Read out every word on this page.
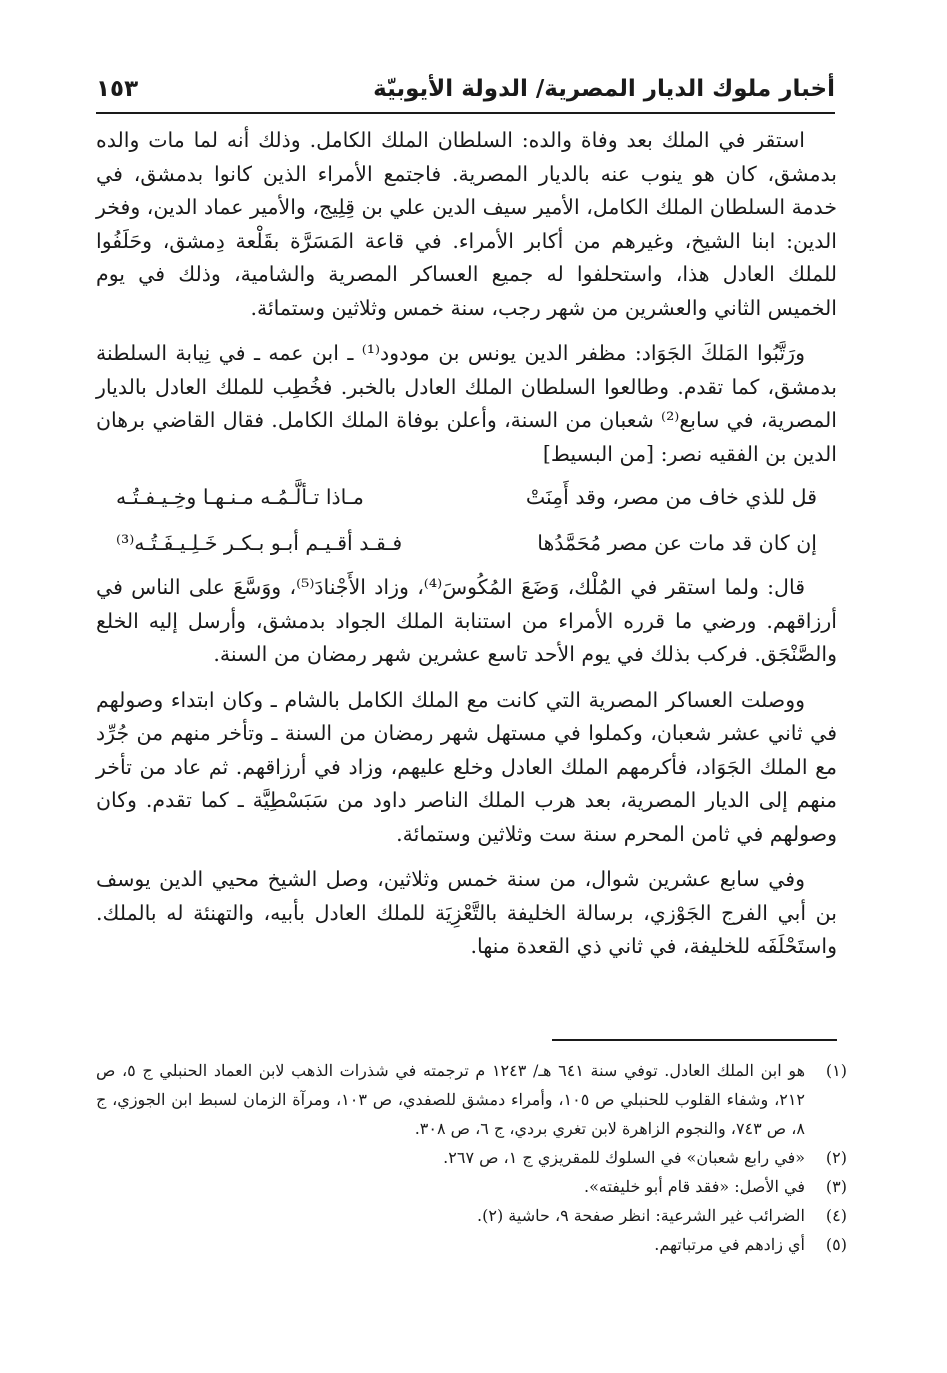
أخبار ملوك الديار المصرية/ الدولة الأيوبيّة
١٥٣

استقر في الملك بعد وفاة والده: السلطان الملك الكامل. وذلك أنه لما مات والده بدمشق، كان هو ينوب عنه بالديار المصرية. فاجتمع الأمراء الذين كانوا بدمشق، في خدمة السلطان الملك الكامل، الأمير سيف الدين علي بن قِلِيج، والأمير عماد الدين، وفخر الدين: ابنا الشيخ، وغيرهم من أكابر الأمراء. في قاعة المَسَرَّة بقَلْعة دِمشق، وحَلَفُوا للملك العادل هذا، واستحلفوا له جميع العساكر المصرية والشامية، وذلك في يوم الخميس الثاني والعشرين من شهر رجب، سنة خمس وثلاثين وستمائة.

ورَتَّبُوا المَلكَ الجَوَاد: مظفر الدين يونس بن مودود⁽¹⁾ ـ ابن عمه ـ في نِيابة السلطنة بدمشق، كما تقدم. وطالعوا السلطان الملك العادل بالخبر. فخُطِب للملك العادل بالديار المصرية، في سابع⁽²⁾ شعبان من السنة، وأعلن بوفاة الملك الكامل. فقال القاضي برهان الدين بن الفقيه نصر: [من البسيط]

قل للذي خاف من مصر، وقد أَمِنَتْ
مـاذا تـألَّـمُـه مـنـهـا وخِـيـفـتُـه
إن كان قد مات عن مصر مُحَمَّدُها
فـقـد أقـيـم أبـو بـكـر خَـلِـيـفَـتُـه⁽³⁾

قال: ولما استقر في المُلْك، وَضَعَ المُكُوسَ⁽⁴⁾، وزاد الأَجْنادَ⁽⁵⁾، ووَسَّعَ على الناس في أرزاقهم. ورضي ما قرره الأمراء من استنابة الملك الجواد بدمشق، وأرسل إليه الخلع والصَّنْجَق. فركب بذلك في يوم الأحد تاسع عشرين شهر رمضان من السنة.

ووصلت العساكر المصرية التي كانت مع الملك الكامل بالشام ـ وكان ابتداء وصولهم في ثاني عشر شعبان، وكملوا في مستهل شهر رمضان من السنة ـ وتأخر منهم من جُرِّد مع الملك الجَوَاد، فأكرمهم الملك العادل وخلع عليهم، وزاد في أرزاقهم. ثم عاد من تأخر منهم إلى الديار المصرية، بعد هرب الملك الناصر داود من سَبَسْطِيَّة ـ كما تقدم. وكان وصولهم في ثامن المحرم سنة ست وثلاثين وستمائة.

وفي سابع عشرين شوال، من سنة خمس وثلاثين، وصل الشيخ محيي الدين يوسف بن أبي الفرج الجَوْزي، برسالة الخليفة بالتَّعْزِيَة للملك العادل بأبيه، والتهنئة له بالملك. واستَحْلَفَه للخليفة، في ثاني ذي القعدة منها.

(١)
هو ابن الملك العادل. توفي سنة ٦٤١ هـ/ ١٢٤٣ م ترجمته في شذرات الذهب لابن العماد الحنبلي ج ٥، ص ٢١٢، وشفاء القلوب للحنبلي ص ١٠٥، وأمراء دمشق للصفدي، ص ١٠٣، ومرآة الزمان لسبط ابن الجوزي، ج ٨، ص ٧٤٣، والنجوم الزاهرة لابن تغري بردي، ج ٦، ص ٣٠٨.
(٢)
«في رابع شعبان» في السلوك للمقريزي ج ١، ص ٢٦٧.
(٣)
في الأصل: «فقد قام أبو خليفته».
(٤)
الضرائب غير الشرعية: انظر صفحة ٩، حاشية (٢).
(٥)
أي زادهم في مرتباتهم.
